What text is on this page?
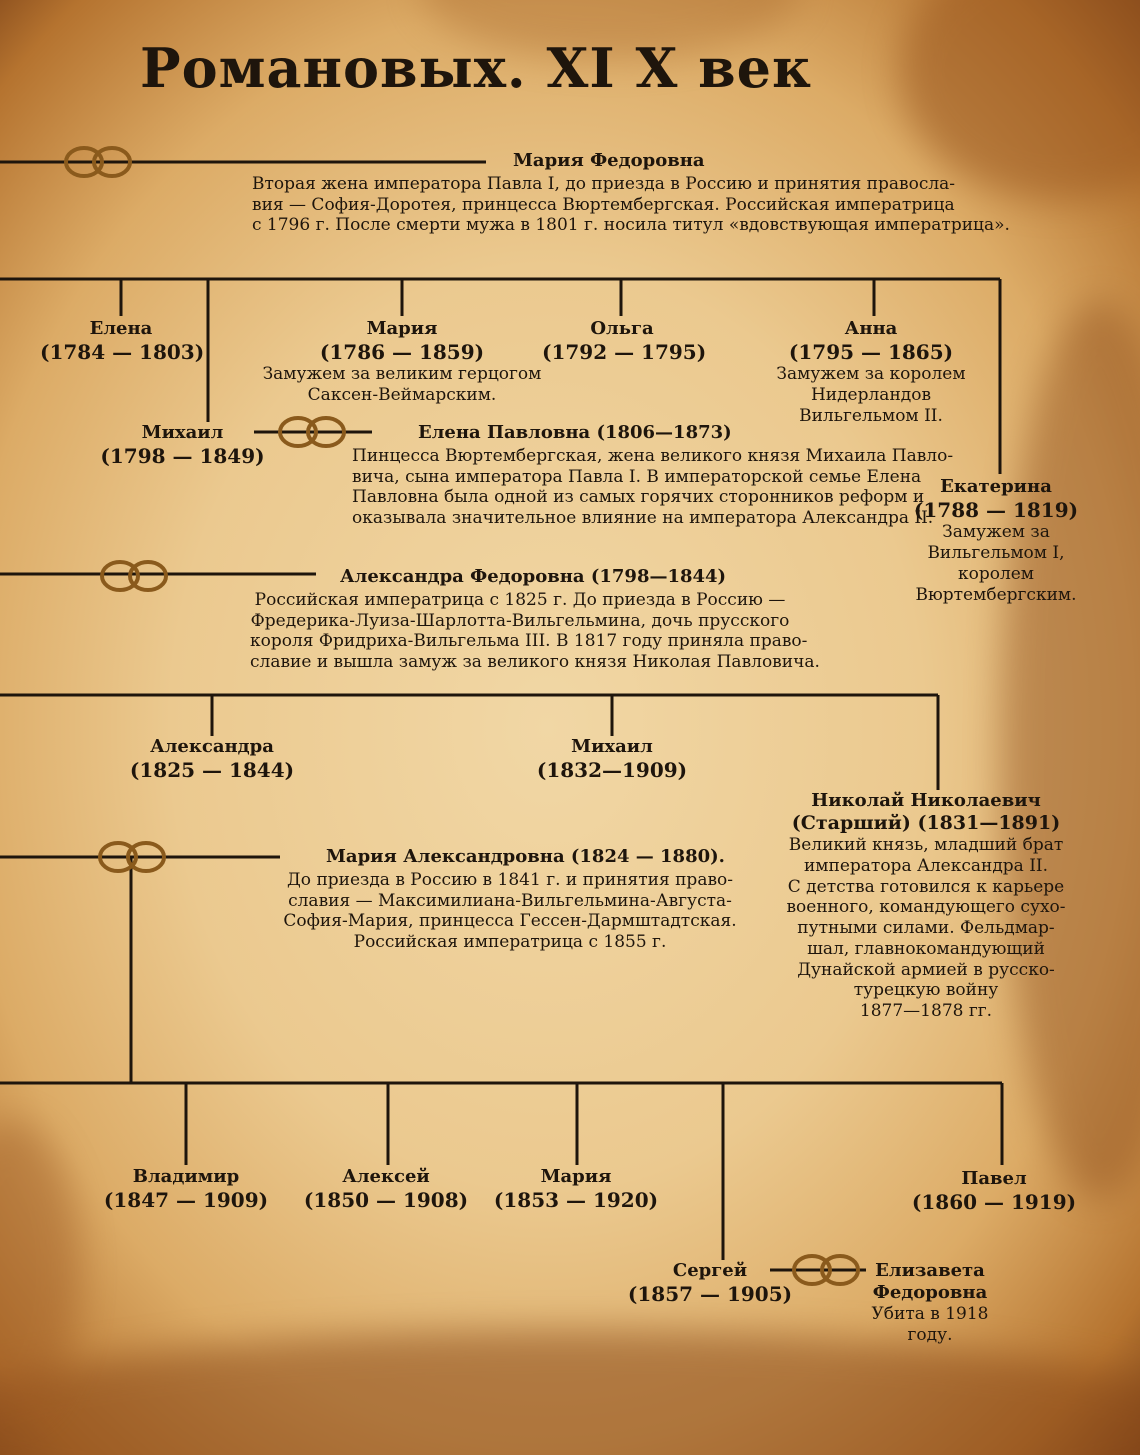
Романовых. XI X век
Мария Федоровна
Вторая жена императора Павла I, до приезда в Россию и принятия правосла-
вия — София-Доротея, принцесса Вюртембергская. Российская императрица
с 1796 г. После смерти мужа в 1801 г. носила титул «вдовствующая императрица».
Елена
(1784 — 1803)
Мария
(1786 — 1859)
Замужем за великим герцогом
Саксен-Веймарским.
Ольга
(1792 — 1795)
Анна
(1795 — 1865)
Замужем за королем
Нидерландов
Вильгельмом II.
Михаил
(1798 — 1849)
Елена Павловна (1806—1873)
Пинцесса Вюртембергская, жена великого князя Михаила Павло-
вича, сына императора Павла I. В императорской семье Елена
Павловна была одной из самых горячих сторонников реформ и
оказывала значительное влияние на императора Александра II.
Екатерина
(1788 — 1819)
Замужем за
Вильгельмом I,
королем
Вюртембергским.
Александра Федоровна (1798—1844)
Российская императрица с 1825 г. До приезда в Россию —
Фредерика-Луиза-Шарлотта-Вильгельмина, дочь прусского
короля Фридриха-Вильгельма III. В 1817 году приняла право-
славие и вышла замуж за великого князя Николая Павловича.
Александра
(1825 — 1844)
Михаил
(1832—1909)
Николай Николаевич
(Старший) (1831—1891)
Великий князь, младший брат
императора Александра II.
С детства готовился к карьере
военного, командующего сухо-
путными силами. Фельдмар-
шал, главнокомандующий
Дунайской армией в русско-
турецкую войну
1877—1878 гг.
Мария Александровна (1824 — 1880).
До приезда в Россию в 1841 г. и принятия право-
славия — Максимилиана-Вильгельмина-Августа-
София-Мария, принцесса Гессен-Дармштадтская.
Российская императрица с 1855 г.
Владимир
(1847 — 1909)
Алексей
(1850 — 1908)
Мария
(1853 — 1920)
Павел
(1860 — 1919)
Сергей
(1857 — 1905)
Елизавета
Федоровна
Убита в 1918
году.
